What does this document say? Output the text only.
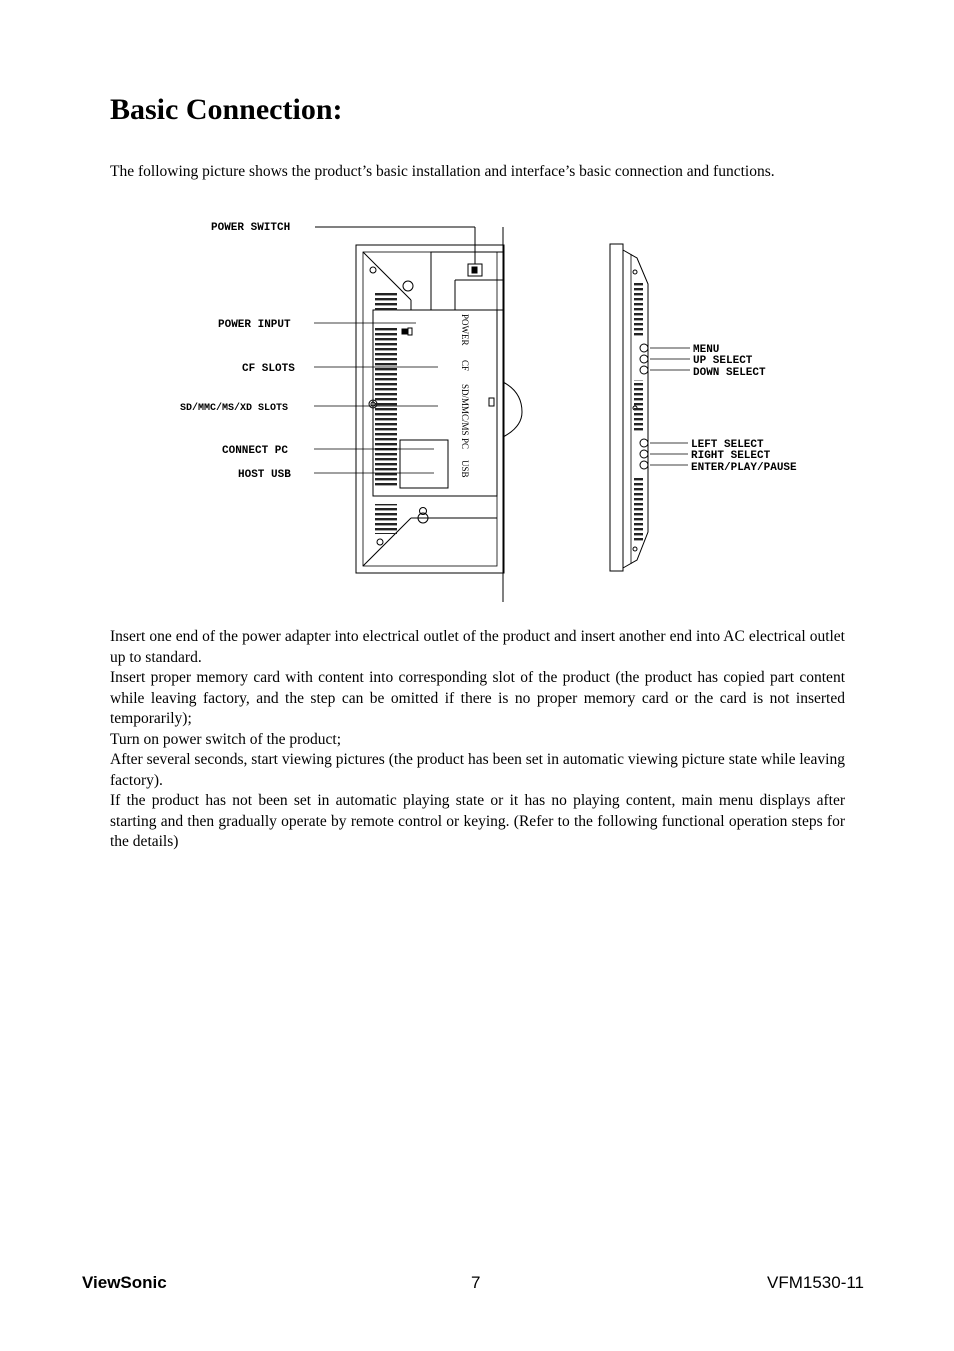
Basic Connection:

The following picture shows the product’s basic installation and interface’s basic connection and functions.

POWER
CF
SD/MMC/MS
PC
USB
POWER SWITCH
POWER INPUT
CF SLOTS
SD/MMC/MS/XD SLOTS
CONNECT PC
HOST USB
MENU
UP SELECT
DOWN SELECT
LEFT SELECT
RIGHT SELECT
ENTER/PLAY/PAUSE

Insert one end of the power adapter into electrical outlet of the product and insert another end into AC electrical outlet up to standard.

Insert proper memory card with content into corresponding slot of the product (the product has copied part content while leaving factory, and the step can be omitted if there is no proper memory card or the card is not inserted temporarily);

Turn on power switch of the product;

After several seconds, start viewing pictures (the product has been set in automatic viewing picture state while leaving factory).

If the product has not been set in automatic playing state or it has no playing content, main menu displays after starting and then gradually operate by remote control or keying. (Refer to the following functional operation steps for the details)

ViewSonic	7	VFM1530-11
